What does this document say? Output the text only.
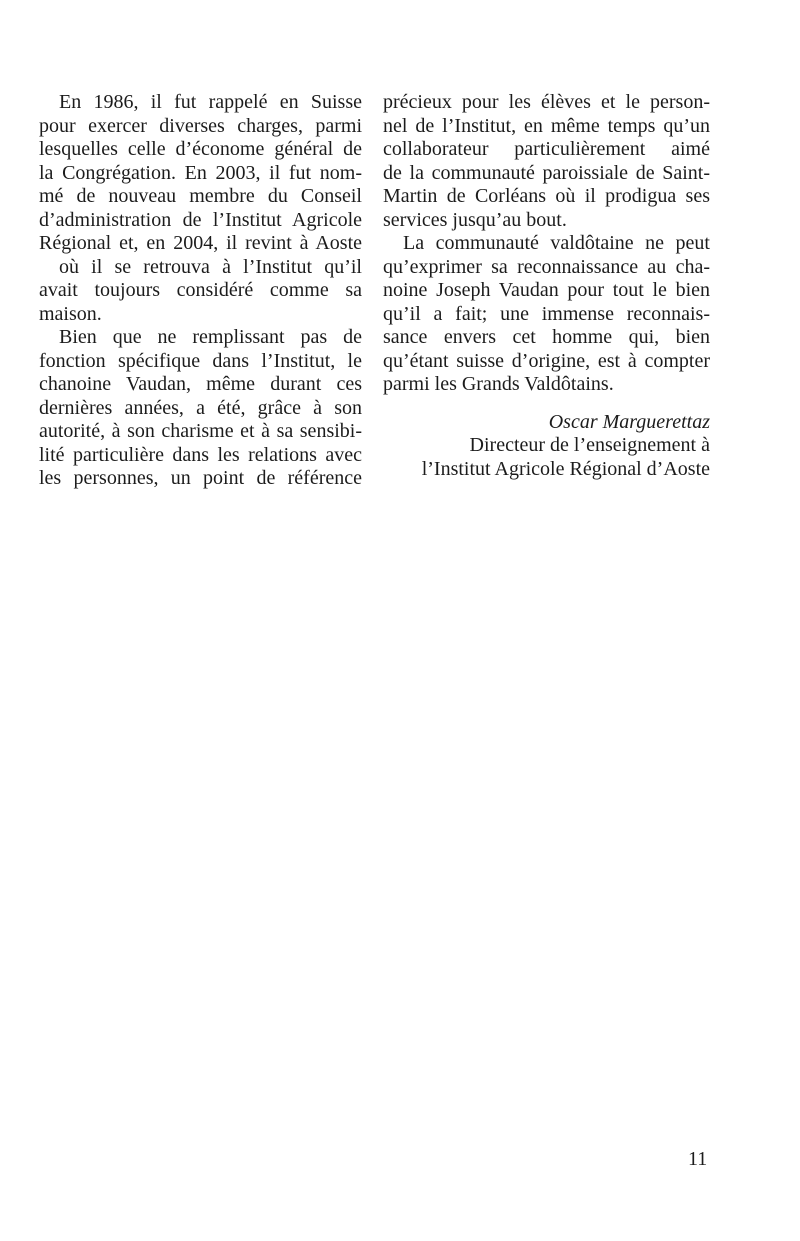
En 1986, il fut rappelé en Suisse
pour exercer diverses charges, parmi
lesquelles celle d’économe général de
la Congrégation. En 2003, il fut nom-
mé de nouveau membre du Conseil
d’administration de l’Institut Agricole
Régional et, en 2004, il revint à Aoste
où il se retrouva à l’Institut qu’il
avait toujours considéré comme sa
maison.
Bien que ne remplissant pas de
fonction spécifique dans l’Institut, le
chanoine Vaudan, même durant ces
dernières années, a été, grâce à son
autorité, à son charisme et à sa sensibi-
lité particulière dans les relations avec
les personnes, un point de référence
précieux pour les élèves et le person-
nel de l’Institut, en même temps qu’un
collaborateur particulièrement aimé
de la communauté paroissiale de Saint-
Martin de Corléans où il prodigua ses
services jusqu’au bout.
La communauté valdôtaine ne peut
qu’exprimer sa reconnaissance au cha-
noine Joseph Vaudan pour tout le bien
qu’il a fait; une immense reconnais-
sance envers cet homme qui, bien
qu’étant suisse d’origine, est à compter
parmi les Grands Valdôtains.
Oscar Marguerettaz
Directeur de l’enseignement à
l’Institut Agricole Régional d’Aoste
11
